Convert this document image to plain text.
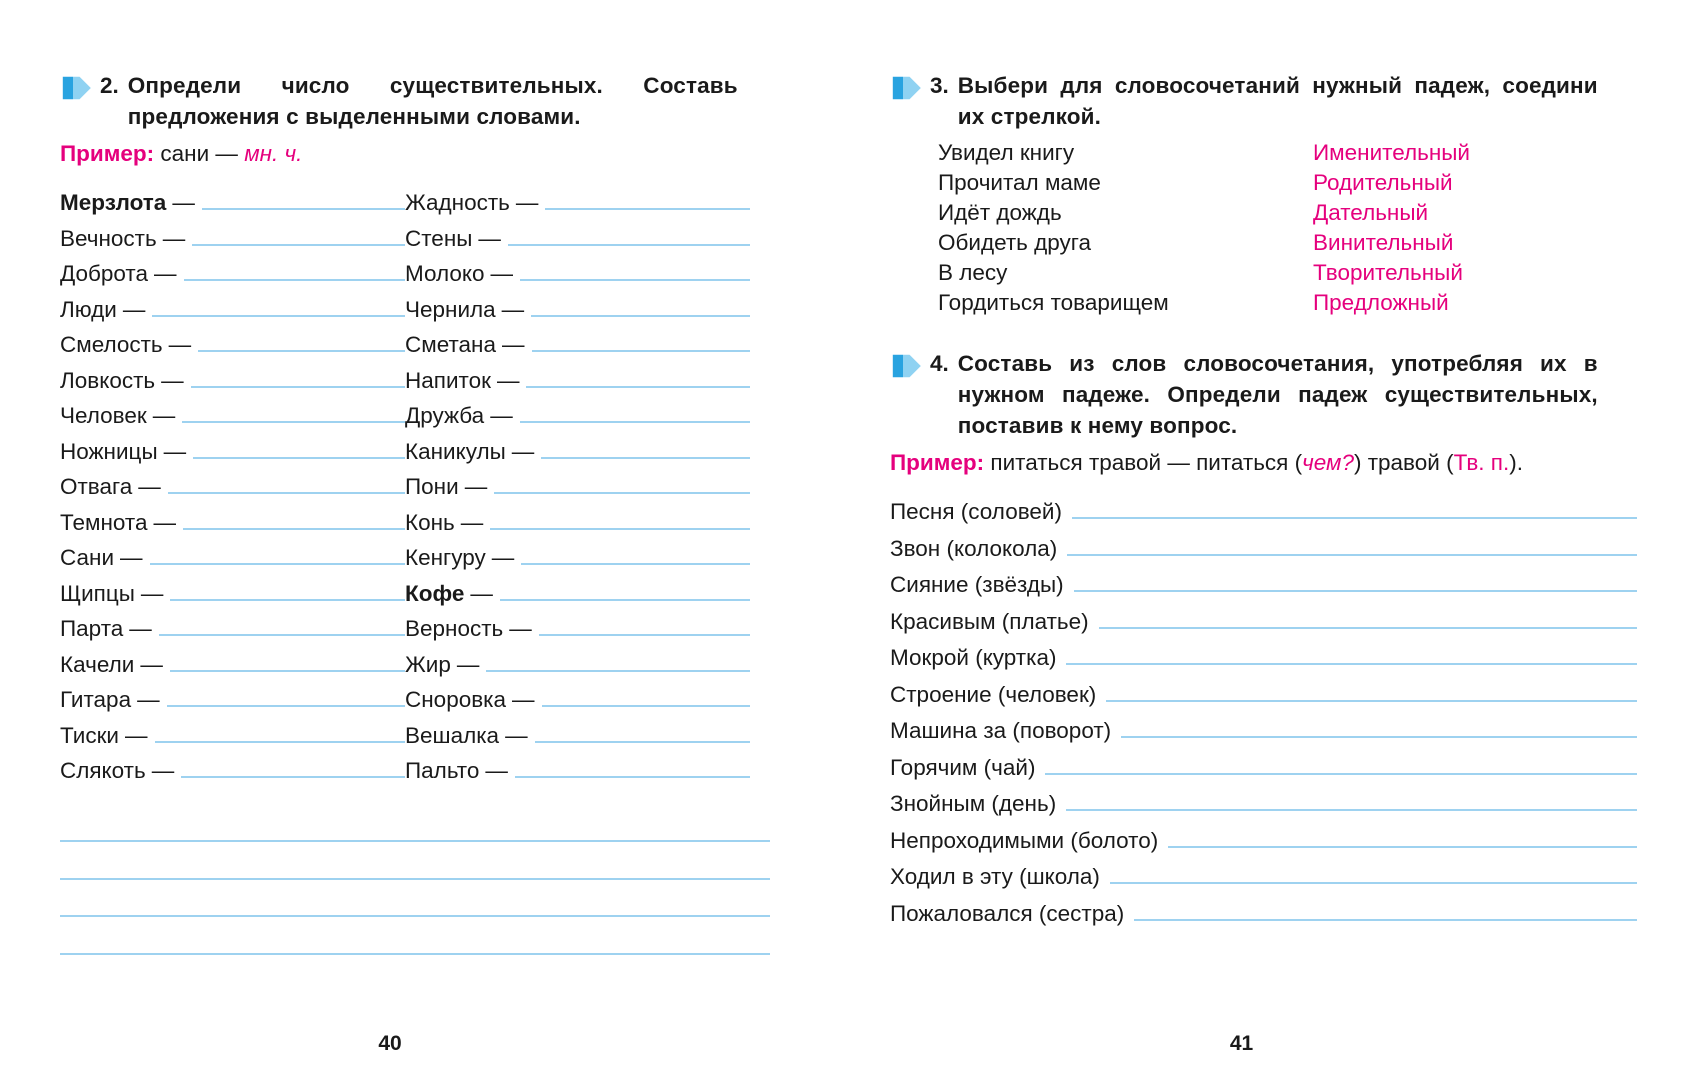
2. Определи число существительных. Составь предложения с выделенными словами.
Пример: сани — мн. ч.
Мерзлота —
Вечность —
Доброта —
Люди —
Смелость —
Ловкость —
Человек —
Ножницы —
Отвага —
Темнота —
Сани —
Щипцы —
Парта —
Качели —
Гитара —
Тиски —
Слякоть —
Жадность —
Стены —
Молоко —
Чернила —
Сметана —
Напиток —
Дружба —
Каникулы —
Пони —
Конь —
Кенгуру —
Кофе —
Верность —
Жир —
Сноровка —
Вешалка —
Пальто —
40
3. Выбери для словосочетаний нужный падеж, соедини их стрелкой.
Увидел книгу
Прочитал маме
Идёт дождь
Обидеть друга
В лесу
Гордиться товарищем
Именительный
Родительный
Дательный
Винительный
Творительный
Предложный
4. Составь из слов словосочетания, употребляя их в нужном падеже. Определи падеж существительных, поставив к нему вопрос.
Пример: питаться травой — питаться (чем?) травой (Тв. п.).
Песня (соловей)
Звон (колокола)
Сияние (звёзды)
Красивым (платье)
Мокрой (куртка)
Строение (человек)
Машина за (поворот)
Горячим (чай)
Знойным (день)
Непроходимыми (болото)
Ходил в эту (школа)
Пожаловался (сестра)
41
